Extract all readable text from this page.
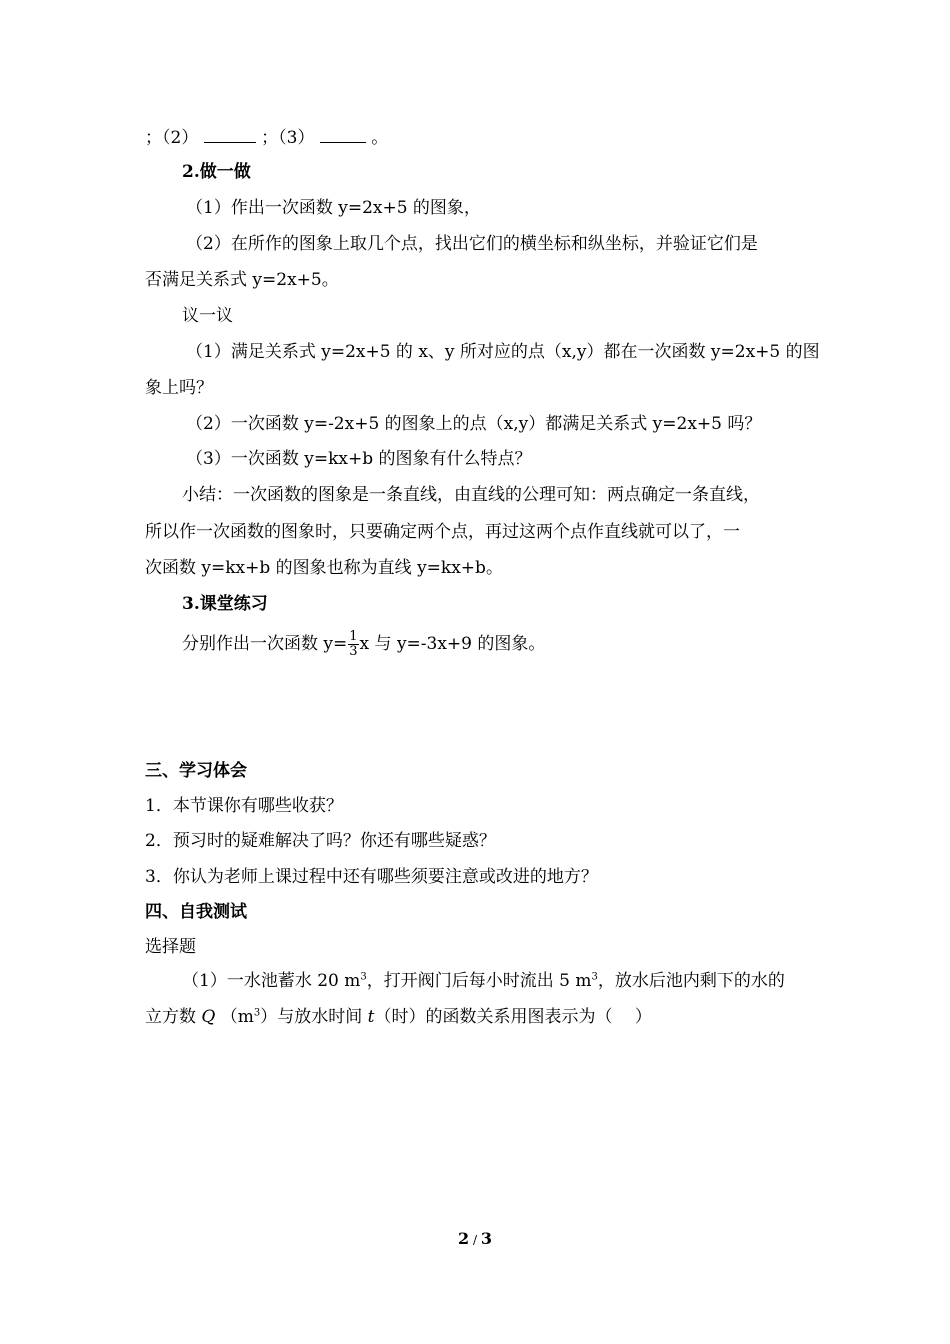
；（2）	；（3）	。
2.做一做
（1）作出一次函数 y=2x+5 的图象，
（2）在所作的图象上取几个点，找出它们的横坐标和纵坐标，并验证它们是
否满足关系式 y=2x+5。
议一议
（1）满足关系式 y=2x+5 的 x、y 所对应的点（x,y）都在一次函数 y=2x+5 的图
象上吗？
（2）一次函数 y=-2x+5 的图象上的点（x,y）都满足关系式 y=2x+5 吗？
（3）一次函数 y=kx+b 的图象有什么特点？
小结：一次函数的图象是一条直线，由直线的公理可知：两点确定一条直线，
所以作一次函数的图象时，只要确定两个点，再过这两个点作直线就可以了，一
次函数 y=kx+b 的图象也称为直线 y=kx+b。
3.课堂练习
分别作出一次函数 $y= \frac{1}{3}$ x 与 y=-3x+9 的图象。
三、学习体会
1．本节课你有哪些收获？
2．预习时的疑难解决了吗？你还有哪些疑惑？
3．你认为老师上课过程中还有哪些须要注意或改进的地方？
四、自我测试
选择题
（1）一水池蓄水 20 $m^3$，打开阀门后每小时流出 5 $m^3$，放水后池内剩下的水的
立方数 Q $(m^3)$与放水时间 t（时）的函数关系用图表示为（　 ）
2 / 3
